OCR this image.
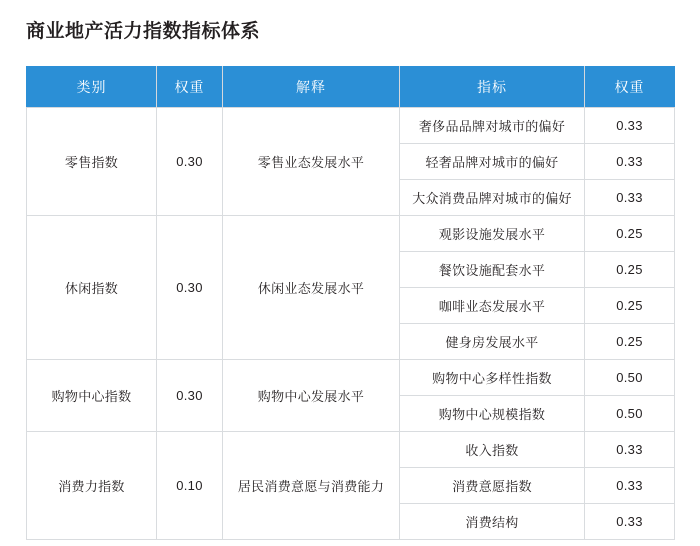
商业地产活力指数指标体系
类别	权重	解释	指标	权重
零售指数	0.30	零售业态发展水平	奢侈品品牌对城市的偏好	0.33
			轻奢品牌对城市的偏好	0.33
			大众消费品牌对城市的偏好	0.33
休闲指数	0.30	休闲业态发展水平	观影设施发展水平	0.25
			餐饮设施配套水平	0.25
			咖啡业态发展水平	0.25
			健身房发展水平	0.25
购物中心指数	0.30	购物中心发展水平	购物中心多样性指数	0.50
			购物中心规模指数	0.50
消费力指数	0.10	居民消费意愿与消费能力	收入指数	0.33
			消费意愿指数	0.33
			消费结构	0.33
